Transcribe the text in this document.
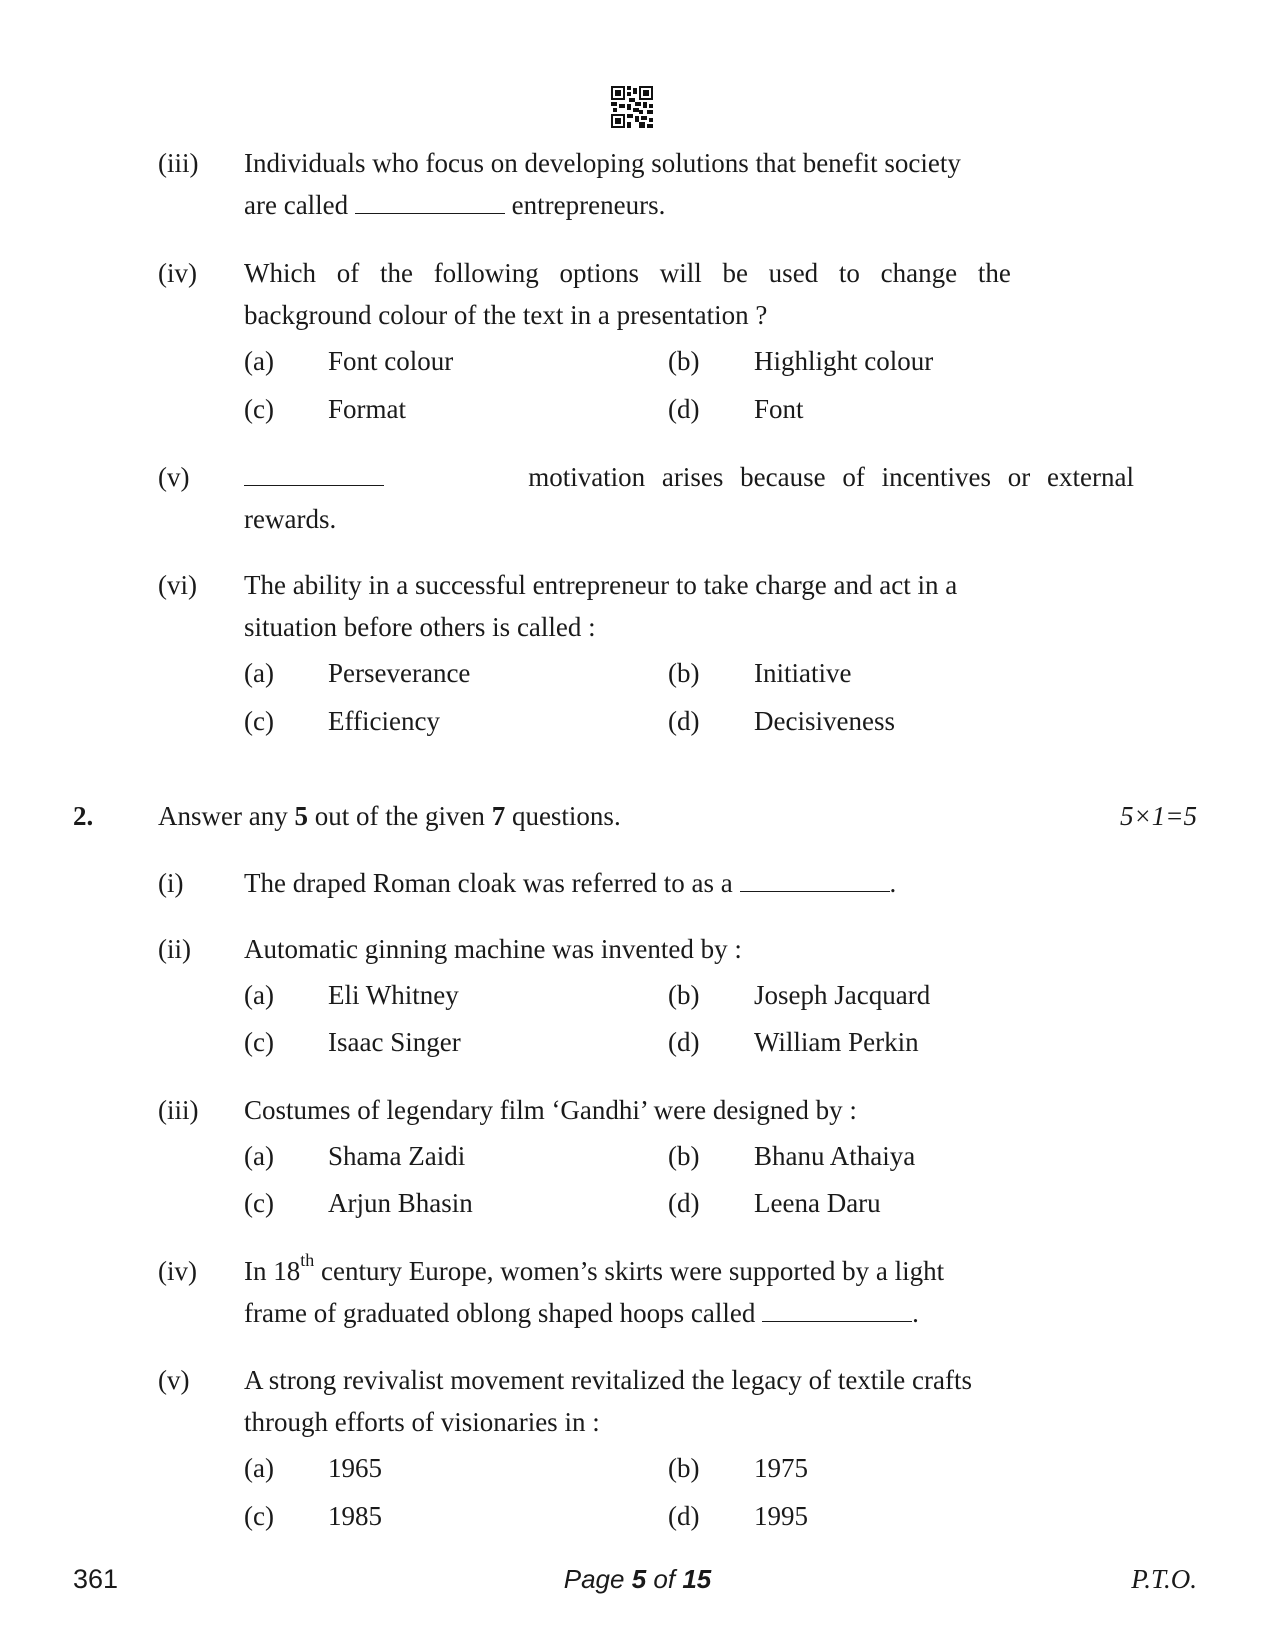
(iii) Individuals who focus on developing solutions that benefit society
are called	entrepreneurs.
(iv) Which of the following options will be used to change the
background colour of the text in a presentation ?
(a) Font colour	(b) Highlight colour
(c) Format	(d) Font
(v)	motivation arises because of incentives or external
rewards.
(vi) The ability in a successful entrepreneur to take charge and act in a
situation before others is called :
(a) Perseverance	(b) Initiative
(c) Efficiency	(d) Decisiveness
2. Answer any 5 out of the given 7 questions.	5×1=5
(i) The draped Roman cloak was referred to as a	.
(ii) Automatic ginning machine was invented by :
(a) Eli Whitney	(b) Joseph Jacquard
(c) Isaac Singer	(d) William Perkin
(iii) Costumes of legendary film ‘Gandhi’ were designed by :
(a) Shama Zaidi	(b) Bhanu Athaiya
(c) Arjun Bhasin	(d) Leena Daru
(iv) In 18th century Europe, women’s skirts were supported by a light
frame of graduated oblong shaped hoops called	.
(v) A strong revivalist movement revitalized the legacy of textile crafts
through efforts of visionaries in :
(a) 1965	(b) 1975
(c) 1985	(d) 1995
361	Page 5 of 15	P.T.O.
